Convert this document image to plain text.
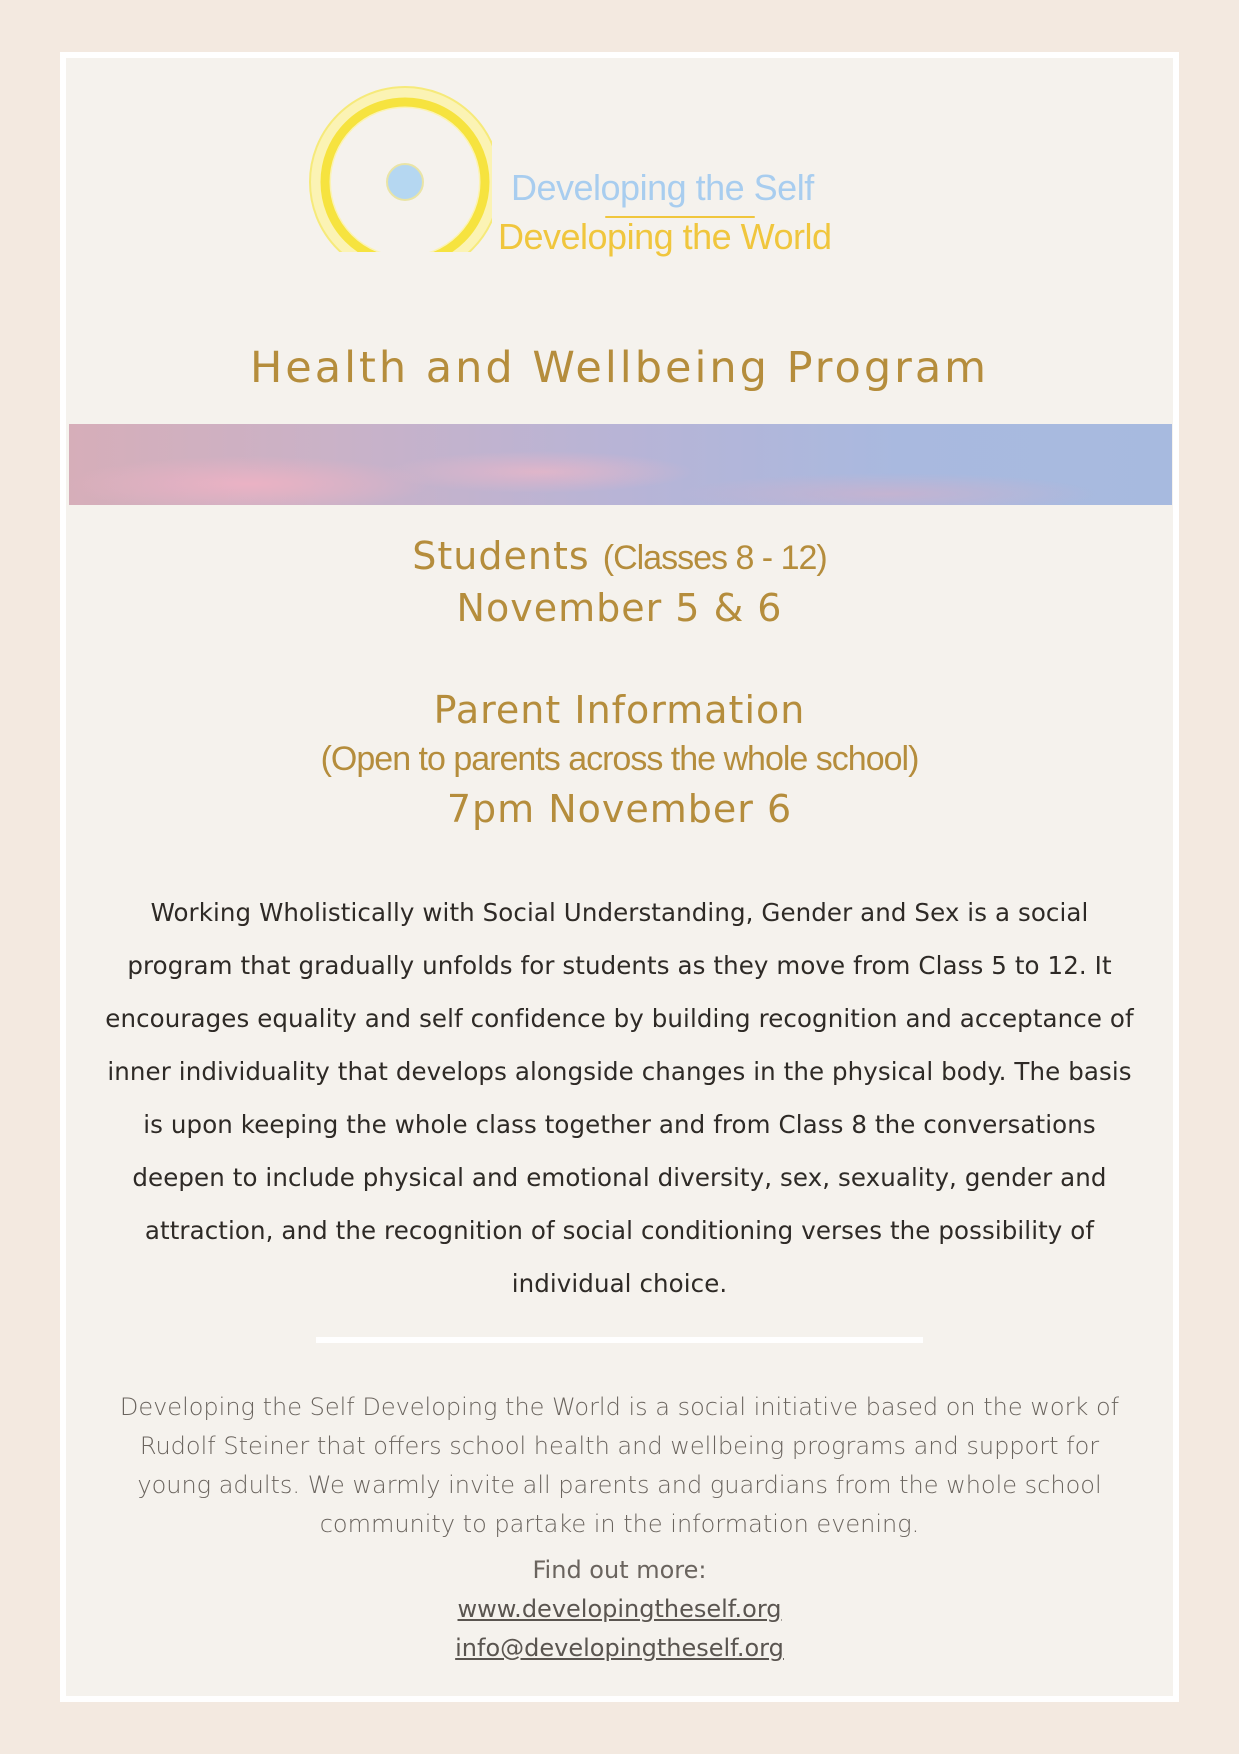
Developing the Self
Developing the World
Health and Wellbeing Program
Students (Classes 8 - 12)
November 5 & 6
Parent Information
(Open to parents across the whole school)
7pm November 6
Working Wholistically with Social Understanding, Gender and Sex is a social program that gradually unfolds for students as they move from Class 5 to 12. It encourages equality and self confidence by building recognition and acceptance of inner individuality that develops alongside changes in the physical body. The basis is upon keeping the whole class together and from Class 8 the conversations deepen to include physical and emotional diversity, sex, sexuality, gender and attraction, and the recognition of social conditioning verses the possibility of individual choice.
Developing the Self Developing the World is a social initiative based on the work of Rudolf Steiner that offers school health and wellbeing programs and support for young adults. We warmly invite all parents and guardians from the whole school community to partake in the information evening.
Find out more:
www.developingtheself.org
info@developingtheself.org
